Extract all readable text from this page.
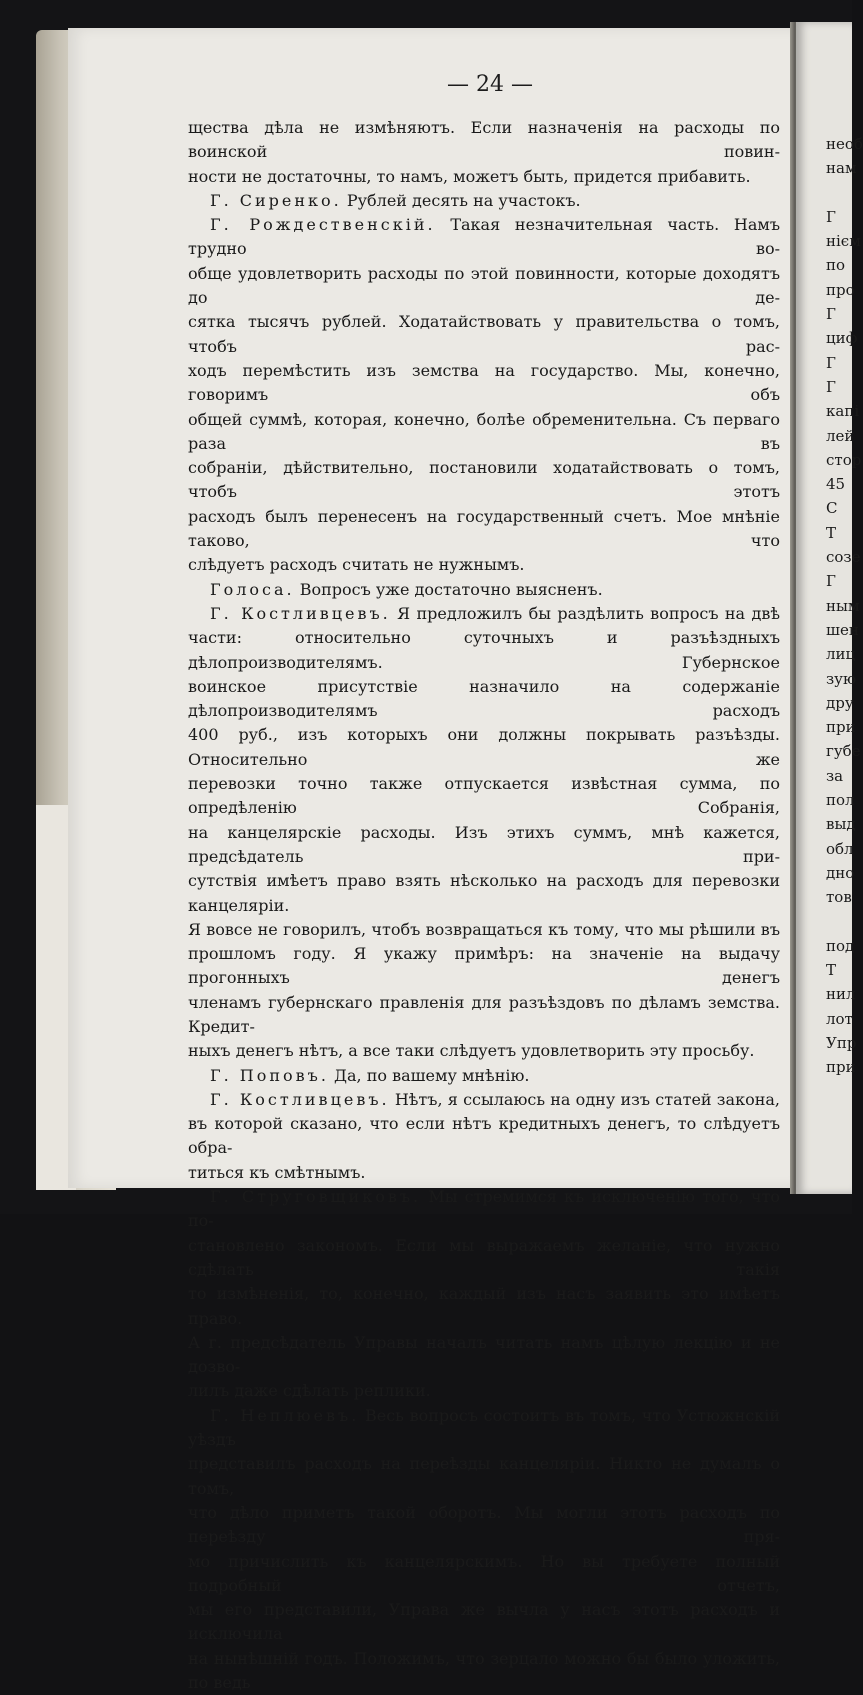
— 24 —

щества дѣла не измѣняютъ. Если назначенія на расходы по воинской повин-

ности не достаточны, то намъ, можетъ быть, придется прибавить.

Г. Сиренко. Рублей десять на участокъ.

Г. Рождественскій. Такая незначительная часть. Намъ трудно во-

обще удовлетворить расходы по этой повинности, которые доходятъ до де-

сятка тысячъ рублей. Ходатайствовать у правительства о томъ, чтобъ рас-

ходъ перемѣстить изъ земства на государство. Мы, конечно, говоримъ объ

общей суммѣ, которая, конечно, болѣе обременительна. Съ перваго раза въ

собраніи, дѣйствительно, постановили ходатайствовать о томъ, чтобъ этотъ

расходъ былъ перенесенъ на государственный счетъ. Мое мнѣніе таково, что

слѣдуетъ расходъ считать не нужнымъ.

Голоса. Вопросъ уже достаточно выясненъ.

Г. Костливцевъ. Я предложилъ бы раздѣлить вопросъ на двѣ

части: относительно суточныхъ и разъѣздныхъ дѣлопроизводителямъ. Губернское

воинское присутствіе назначило на содержаніе дѣлопроизводителямъ расходъ

400 руб., изъ которыхъ они должны покрывать разъѣзды. Относительно же

перевозки точно также отпускается извѣстная сумма, по опредѣленію Собранія,

на канцелярскіе расходы. Изъ этихъ суммъ, мнѣ кажется, предсѣдатель при-

сутствія имѣетъ право взять нѣсколько на расходъ для перевозки канцеляріи.

Я вовсе не говорилъ, чтобъ возвращаться къ тому, что мы рѣшили въ

прошломъ году. Я укажу примѣръ: на значеніе на выдачу прогонныхъ денегъ

членамъ губернскаго правленія для разъѣздовъ по дѣламъ земства. Кредит-

ныхъ денегъ нѣтъ, а все таки слѣдуетъ удовлетворить эту просьбу.

Г. Поповъ. Да, по вашему мнѣнію.

Г. Костливцевъ. Нѣтъ, я ссылаюсь на одну изъ статей закона,

въ которой сказано, что если нѣтъ кредитныхъ денегъ, то слѣдуетъ обра-

титься къ смѣтнымъ.

Г. Струговщиковъ. Мы стремимся къ исключенію того, что по-

становлено закономъ. Если мы выражаемъ желаніе, что нужно сдѣлать такія

то измѣненія, то, конечно, каждый изъ насъ заявить это имѣетъ право.

А г. предсѣдатель Управы началъ читать намъ цѣлую лекцію и не дозво-

лилъ даже сдѣлать реплики.

Г. Неплюевъ. Весь вопросъ состоитъ въ томъ, что Устюжнскій уѣздъ

представилъ расходъ на переѣзды канцеляріи. Никто не думалъ о томъ,

что дѣло приметъ такой оборотъ. Мы могли этотъ расходъ по переѣзду пря-

мо причислить къ канцелярскимъ. Но вы требуете полный подробный отчетъ,

мы его представили, Управа же вычла у насъ этотъ расходъ и исключила

на нынѣшній годъ. Положимъ, что зерцало можно бы было уложить, по ведь

необ
нам
Г
нієм
по
про
Г
циф
Г
Г
капі
лей
стор
45
С
Т
созе
Г
ным
шен
лиц
зую
дру
при
губе
за
пол
выд
обл
дно
тов
под
Т
нил
лот
Упр
при
